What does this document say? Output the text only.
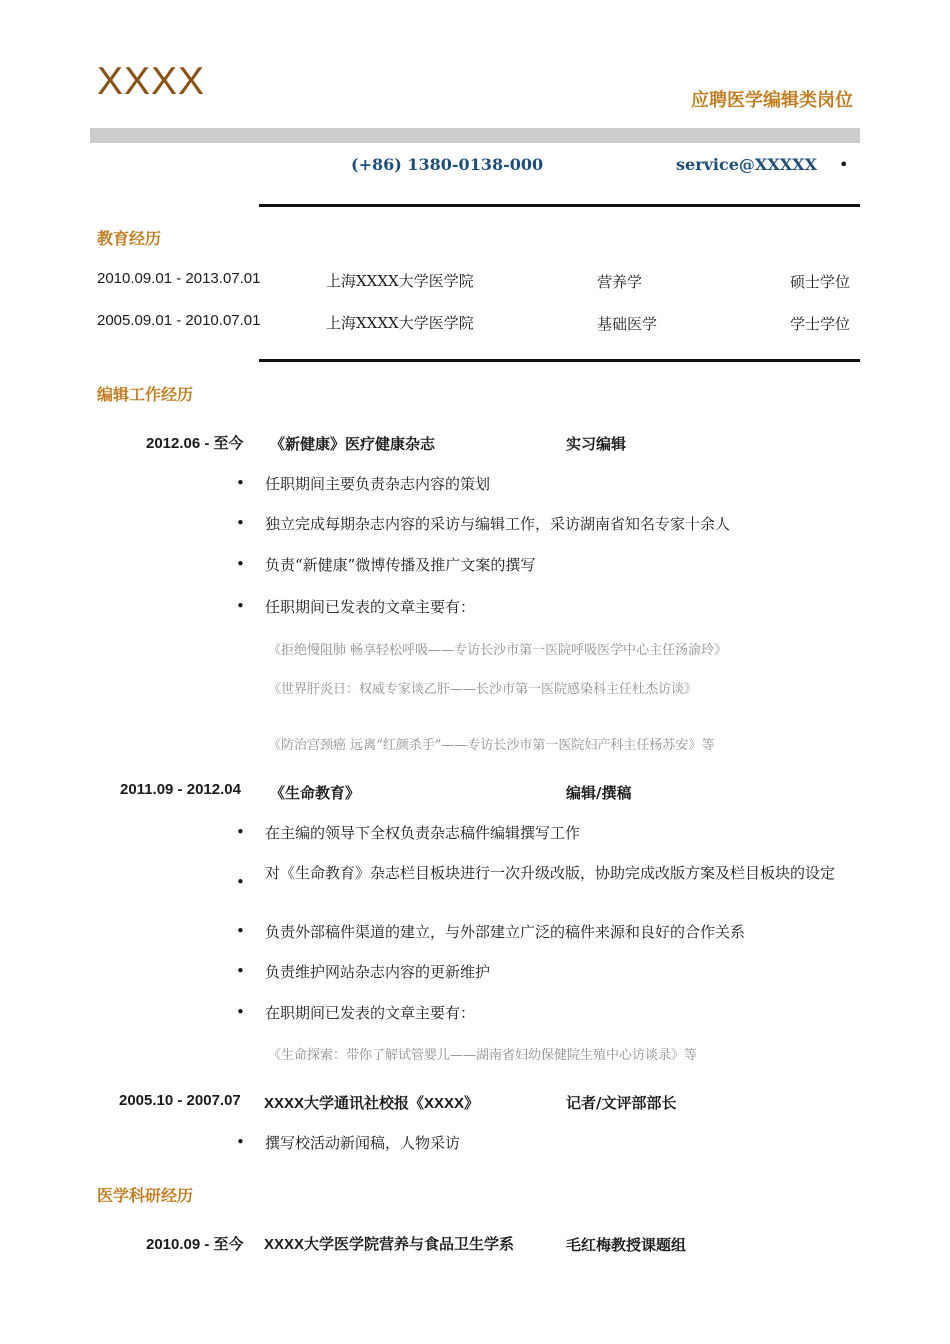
XXXX	应聘医学编辑类岗位
(+86) 1380-0138-000	service@XXXXX •
教育经历
2010.09.01 - 2013.07.01	上海XXXX大学医学院	营养学	硕士学位
2005.09.01 - 2010.07.01	上海XXXX大学医学院	基础医学	学士学位
编辑工作经历
2012.06 - 至今 《新健康》医疗健康杂志	实习编辑
• 任职期间主要负责杂志内容的策划
• 独立完成每期杂志内容的采访与编辑工作，采访湖南省知名专家十余人
• 负责“新健康”微博传播及推广文案的撰写
• 任职期间已发表的文章主要有：
《拒绝慢阻肺 畅享轻松呼吸——专访长沙市第一医院呼吸医学中心主任汤渝玲》
《世界肝炎日：权威专家谈乙肝——长沙市第一医院感染科主任杜杰访谈》
《防治宫颈癌 远离“红颜杀手”——专访长沙市第一医院妇产科主任杨苏安》等
2011.09 - 2012.04 《生命教育》	编辑/撰稿
• 在主编的领导下全权负责杂志稿件编辑撰写工作
• 对《生命教育》杂志栏目板块进行一次升级改版，协助完成改版方案及栏目板块的设定
• 负责外部稿件渠道的建立，与外部建立广泛的稿件来源和良好的合作关系
• 负责维护网站杂志内容的更新维护
• 在职期间已发表的文章主要有：
《生命探索：带你了解试管婴儿——湖南省妇幼保健院生殖中心访谈录》等
2005.10 - 2007.07 XXXX大学通讯社校报《XXXX》	记者/文评部部长
• 撰写校活动新闻稿，人物采访
医学科研经历
2010.09 - 至今 XXXX大学医学院营养与食品卫生学系	毛红梅教授课题组
